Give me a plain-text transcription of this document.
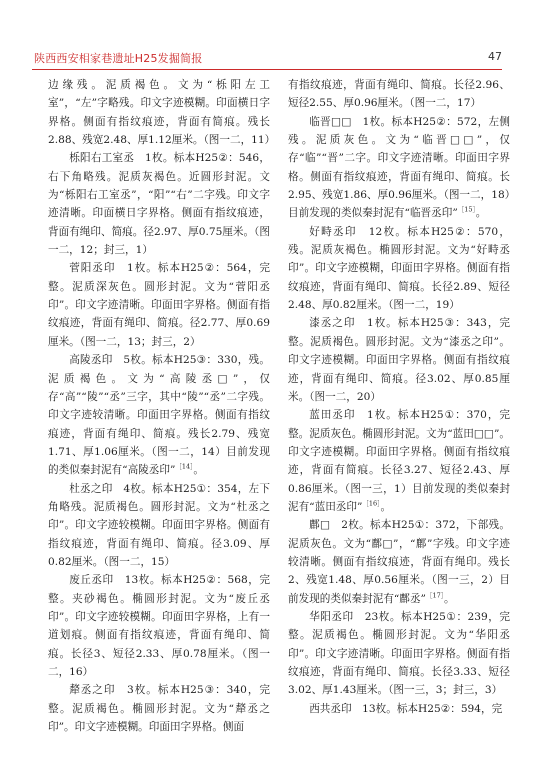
陕西西安相家巷遗址H25发掘简报	47

边缘残。泥质褐色。文为“栎阳左工室”，“左”字略残。印文字迹模糊。印面横日字界格。侧面有指纹痕迹，背面有简痕。残长2.88、残宽2.48、厚1.12厘米。（图一二，11）

栎阳右工室丞　1枚。标本H25②：546，右下角略残。泥质灰褐色。近圆形封泥。文为“栎阳右工室丞”，“阳”“右”二字残。印文字迹清晰。印面横日字界格。侧面有指纹痕迹，背面有绳印、简痕。径2.97、厚0.75厘米。（图一二，12；封三，1）

菅阳丞印　1枚。标本H25②：564，完整。泥质深灰色。圆形封泥。文为“菅阳丞印”。印文字迹清晰。印面田字界格。侧面有指纹痕迹，背面有绳印、简痕。径2.77、厚0.69厘米。（图一二，13；封三，2）

高陵丞印　5枚。标本H25③：330，残。泥质褐色。文为“高陵丞□”，仅存“高”“陵”“丞”三字，其中“陵”“丞”二字残。印文字迹较清晰。印面田字界格。侧面有指纹痕迹，背面有绳印、简痕。残长2.79、残宽1.71、厚1.06厘米。（图一二，14）目前发现的类似秦封泥有“高陵丞印”$^{[14]}$。

杜丞之印　4枚。标本H25①：354，左下角略残。泥质褐色。圆形封泥。文为“杜丞之印”。印文字迹较模糊。印面田字界格。侧面有指纹痕迹，背面有绳印、简痕。径3.09、厚0.82厘米。（图一二，15）

废丘丞印　13枚。标本H25②：568，完整。夹砂褐色。椭圆形封泥。文为“废丘丞印”。印文字迹较模糊。印面田字界格，上有一道划痕。侧面有指纹痕迹，背面有绳印、简痕。长径3、短径2.33、厚0.78厘米。（图一二，16）

犛丞之印　3枚。标本H25③：340，完整。泥质褐色。椭圆形封泥。文为“犛丞之印”。印文字迹模糊。印面田字界格。侧面

有指纹痕迹，背面有绳印、简痕。长径2.96、短径2.55、厚0.96厘米。（图一二，17）

临晋□□　1枚。标本H25②：572，左侧残。泥质灰色。文为“临晋□□”，仅存“临”“晋”二字。印文字迹清晰。印面田字界格。侧面有指纹痕迹，背面有绳印、简痕。长2.95、残宽1.86、厚0.96厘米。（图一二，18）目前发现的类似秦封泥有“临晋丞印”$^{[15]}$。

好畤丞印　12枚。标本H25②：570，残。泥质灰褐色。椭圆形封泥。文为“好畤丞印”。印文字迹模糊，印面田字界格。侧面有指纹痕迹，背面有绳印、简痕。长径2.89、短径2.48、厚0.82厘米。（图一二，19）

漆丞之印　1枚。标本H25③：343，完整。泥质褐色。圆形封泥。文为“漆丞之印”。印文字迹模糊。印面田字界格。侧面有指纹痕迹，背面有绳印、简痕。径3.02、厚0.85厘米。（图一二，20）

蓝田丞印　1枚。标本H25①：370，完整。泥质灰色。椭圆形封泥。文为“蓝田□□”。印文字迹模糊。印面田字界格。侧面有指纹痕迹，背面有简痕。长径3.27、短径2.43、厚0.86厘米。（图一三，1）目前发现的类似秦封泥有“蓝田丞印”$^{[16]}$。

鄜□　2枚。标本H25①：372，下部残。泥质灰色。文为“鄜□”，“鄜”字残。印文字迹较清晰。侧面有指纹痕迹，背面有绳印。残长2、残宽1.48、厚0.56厘米。（图一三，2）目前发现的类似秦封泥有“鄜丞”$^{[17]}$。

华阳丞印　23枚。标本H25①：239，完整。泥质褐色。椭圆形封泥。文为“华阳丞印”。印文字迹清晰。印面田字界格。侧面有指纹痕迹，背面有绳印、简痕。长径3.33、短径3.02、厚1.43厘米。（图一三，3；封三，3）

西共丞印　13枚。标本H25②：594，完
